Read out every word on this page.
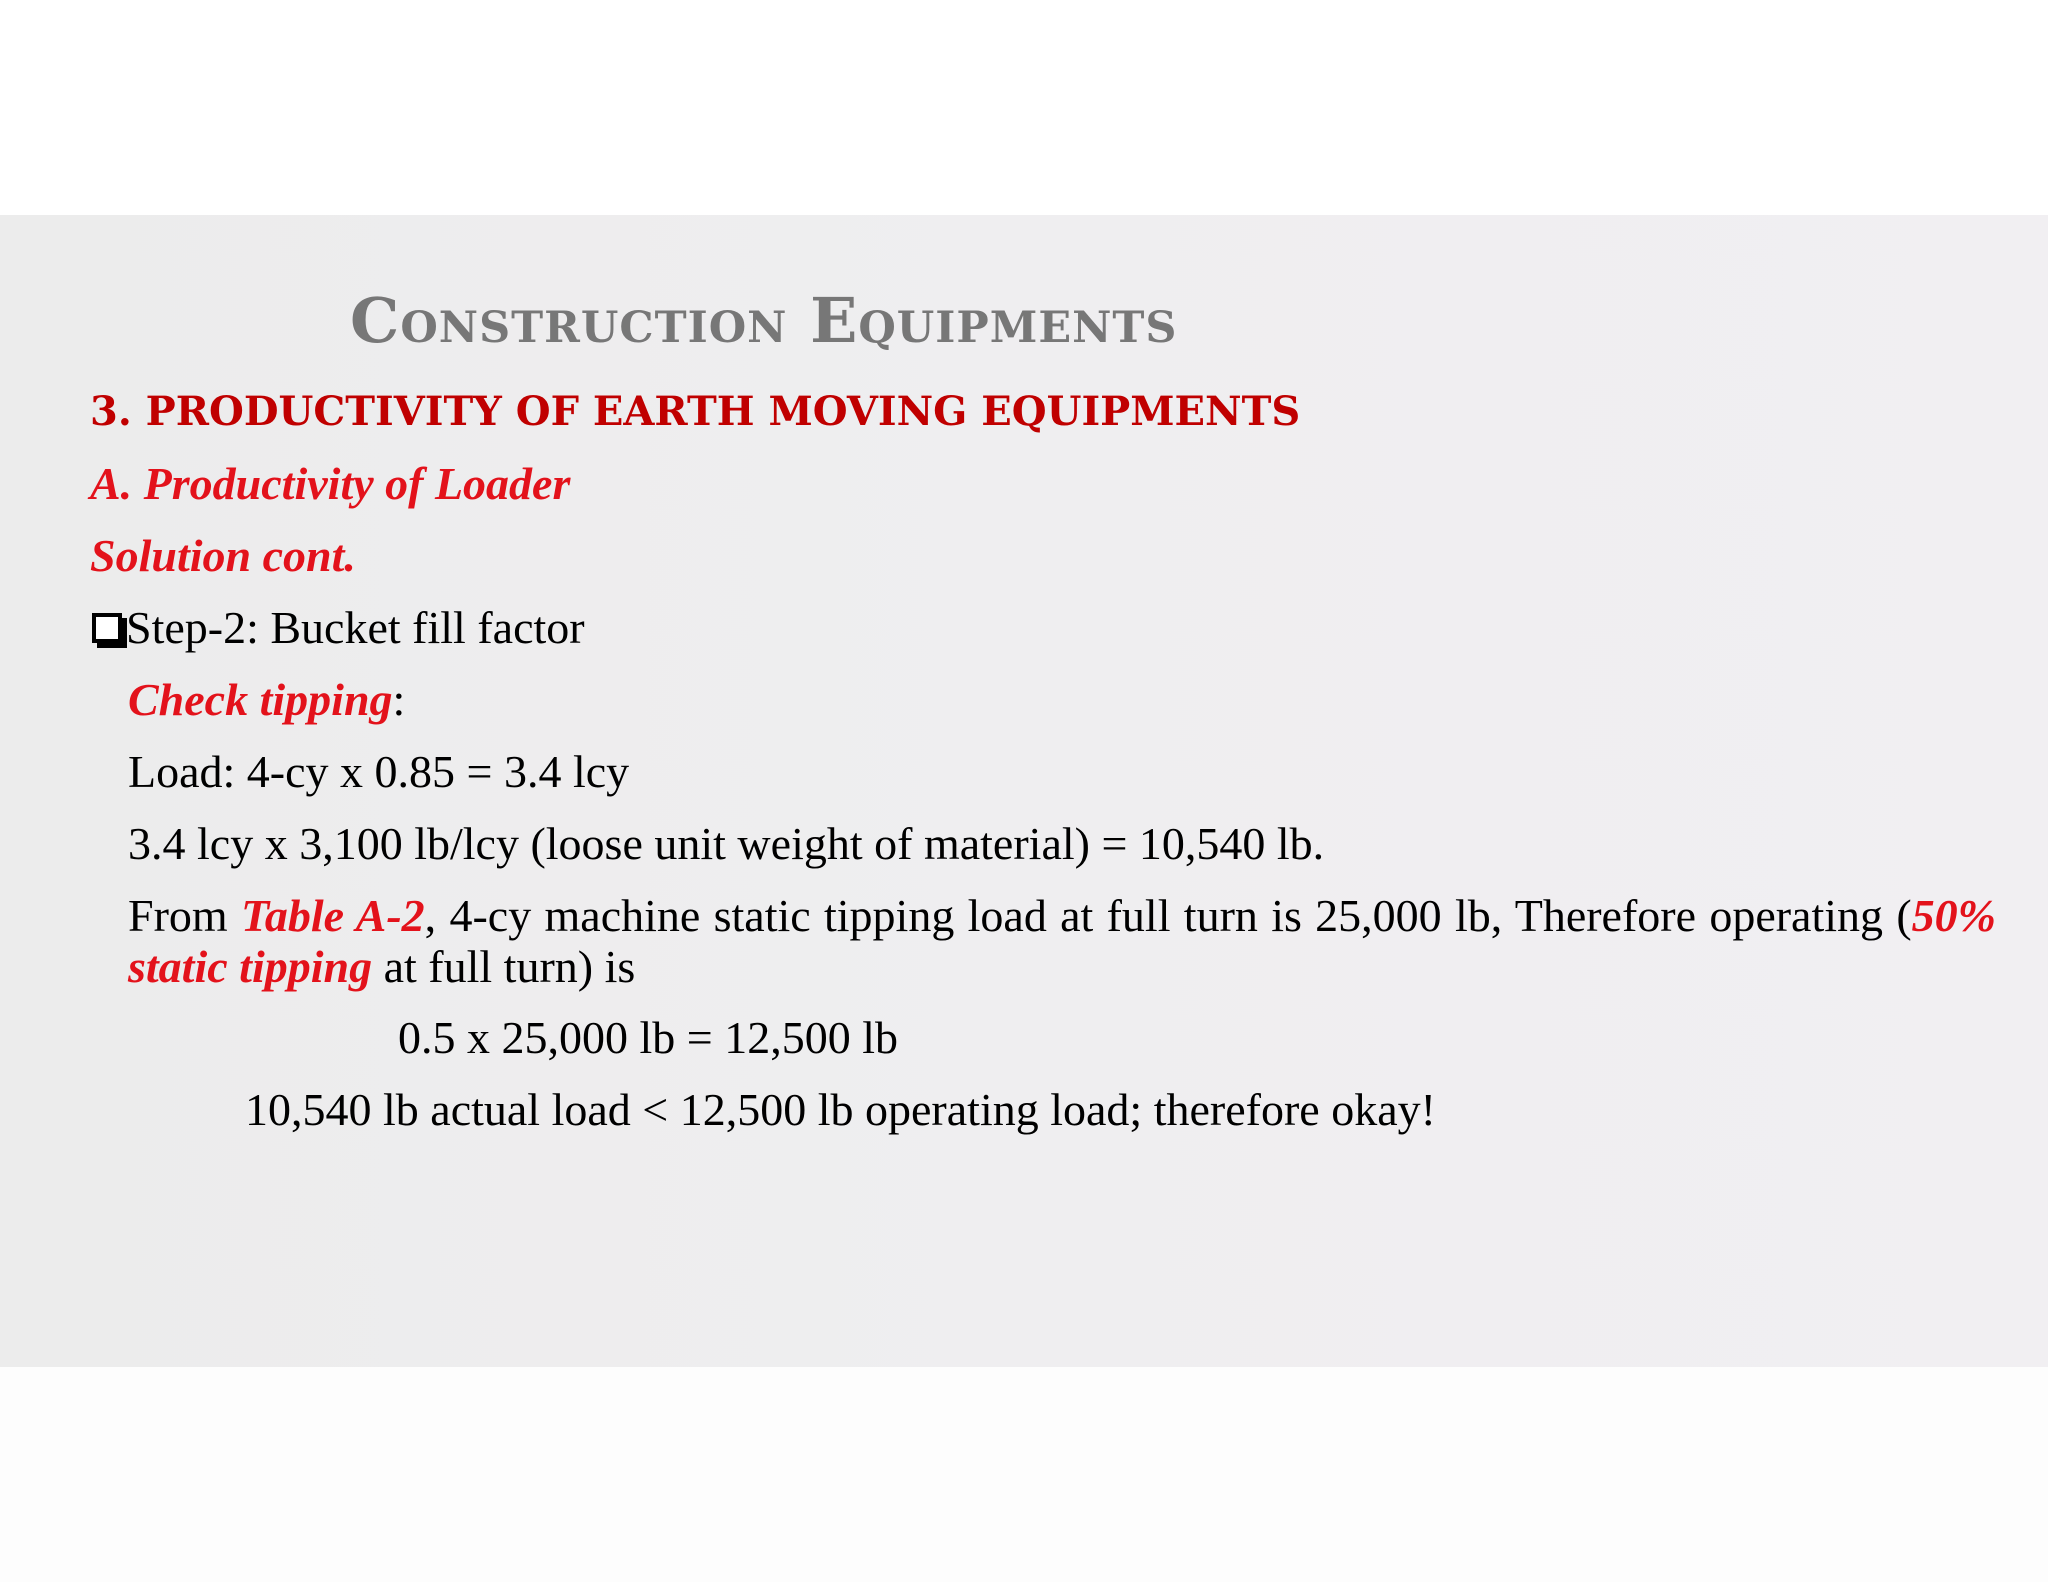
Construction Equipments

3. PRODUCTIVITY OF EARTH MOVING EQUIPMENTS

A. Productivity of Loader

Solution cont.

Step-2: Bucket fill factor

Check tipping:

Load: 4-cy x 0.85 = 3.4 lcy

3.4 lcy x 3,100 lb/lcy (loose unit weight of material) = 10,540 lb.

From Table A-2, 4-cy machine static tipping load at full turn is 25,000 lb, Therefore operating (50% static tipping at full turn) is

0.5 x 25,000 lb = 12,500 lb

10,540 lb actual load < 12,500 lb operating load; therefore okay!
